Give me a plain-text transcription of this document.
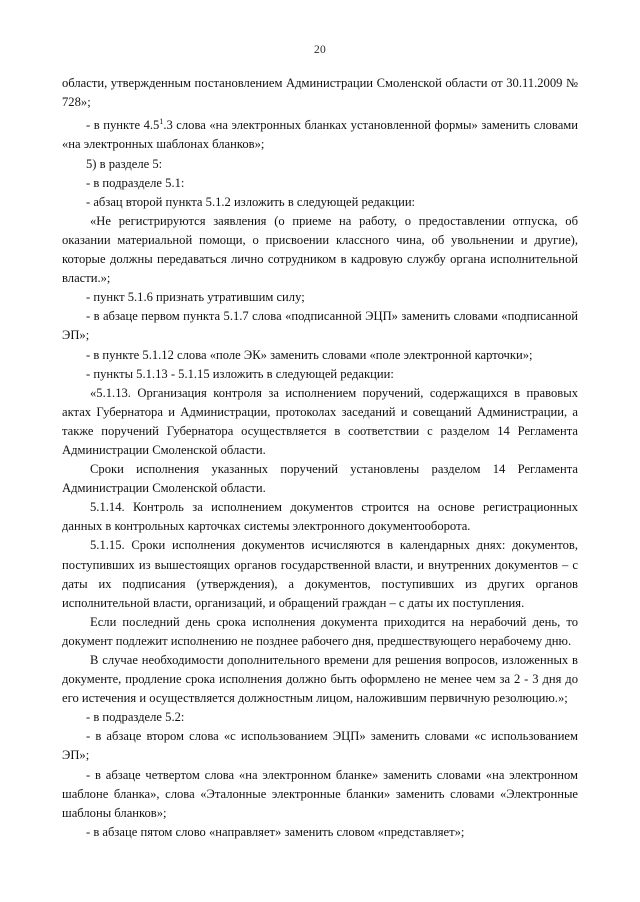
20

области, утвержденным постановлением Администрации Смоленской области от 30.11.2009 № 728»;

- в пункте $4.5^1.3$ слова «на электронных бланках установленной формы» заменить словами «на электронных шаблонах бланков»;

5) в разделе 5:

- в подразделе 5.1:

- абзац второй пункта 5.1.2 изложить в следующей редакции:

«Не регистрируются заявления (о приеме на работу, о предоставлении отпуска, об оказании материальной помощи, о присвоении классного чина, об увольнении и другие), которые должны передаваться лично сотрудником в кадровую службу органа исполнительной власти.»;

- пункт 5.1.6 признать утратившим силу;

- в абзаце первом пункта 5.1.7 слова «подписанной ЭЦП» заменить словами «подписанной ЭП»;

- в пункте 5.1.12 слова «поле ЭК» заменить словами «поле электронной карточки»;

- пункты 5.1.13 - 5.1.15 изложить в следующей редакции:

«5.1.13. Организация контроля за исполнением поручений, содержащихся в правовых актах Губернатора и Администрации, протоколах заседаний и совещаний Администрации, а также поручений Губернатора осуществляется в соответствии с разделом 14 Регламента Администрации Смоленской области.

Сроки исполнения указанных поручений установлены разделом 14 Регламента Администрации Смоленской области.

5.1.14. Контроль за исполнением документов строится на основе регистрационных данных в контрольных карточках системы электронного документооборота.

5.1.15. Сроки исполнения документов исчисляются в календарных днях: документов, поступивших из вышестоящих органов государственной власти, и внутренних документов – с даты их подписания (утверждения), а документов, поступивших из других органов исполнительной власти, организаций, и обращений граждан – с даты их поступления.

Если последний день срока исполнения документа приходится на нерабочий день, то документ подлежит исполнению не позднее рабочего дня, предшествующего нерабочему дню.

В случае необходимости дополнительного времени для решения вопросов, изложенных в документе, продление срока исполнения должно быть оформлено не менее чем за 2 - 3 дня до его истечения и осуществляется должностным лицом, наложившим первичную резолюцию.»;

- в подразделе 5.2:

- в абзаце втором слова «с использованием ЭЦП» заменить словами «с использованием ЭП»;

- в абзаце четвертом слова «на электронном бланке» заменить словами «на электронном шаблоне бланка», слова «Эталонные электронные бланки» заменить словами «Электронные шаблоны бланков»;

- в абзаце пятом слово «направляет» заменить словом «представляет»;
